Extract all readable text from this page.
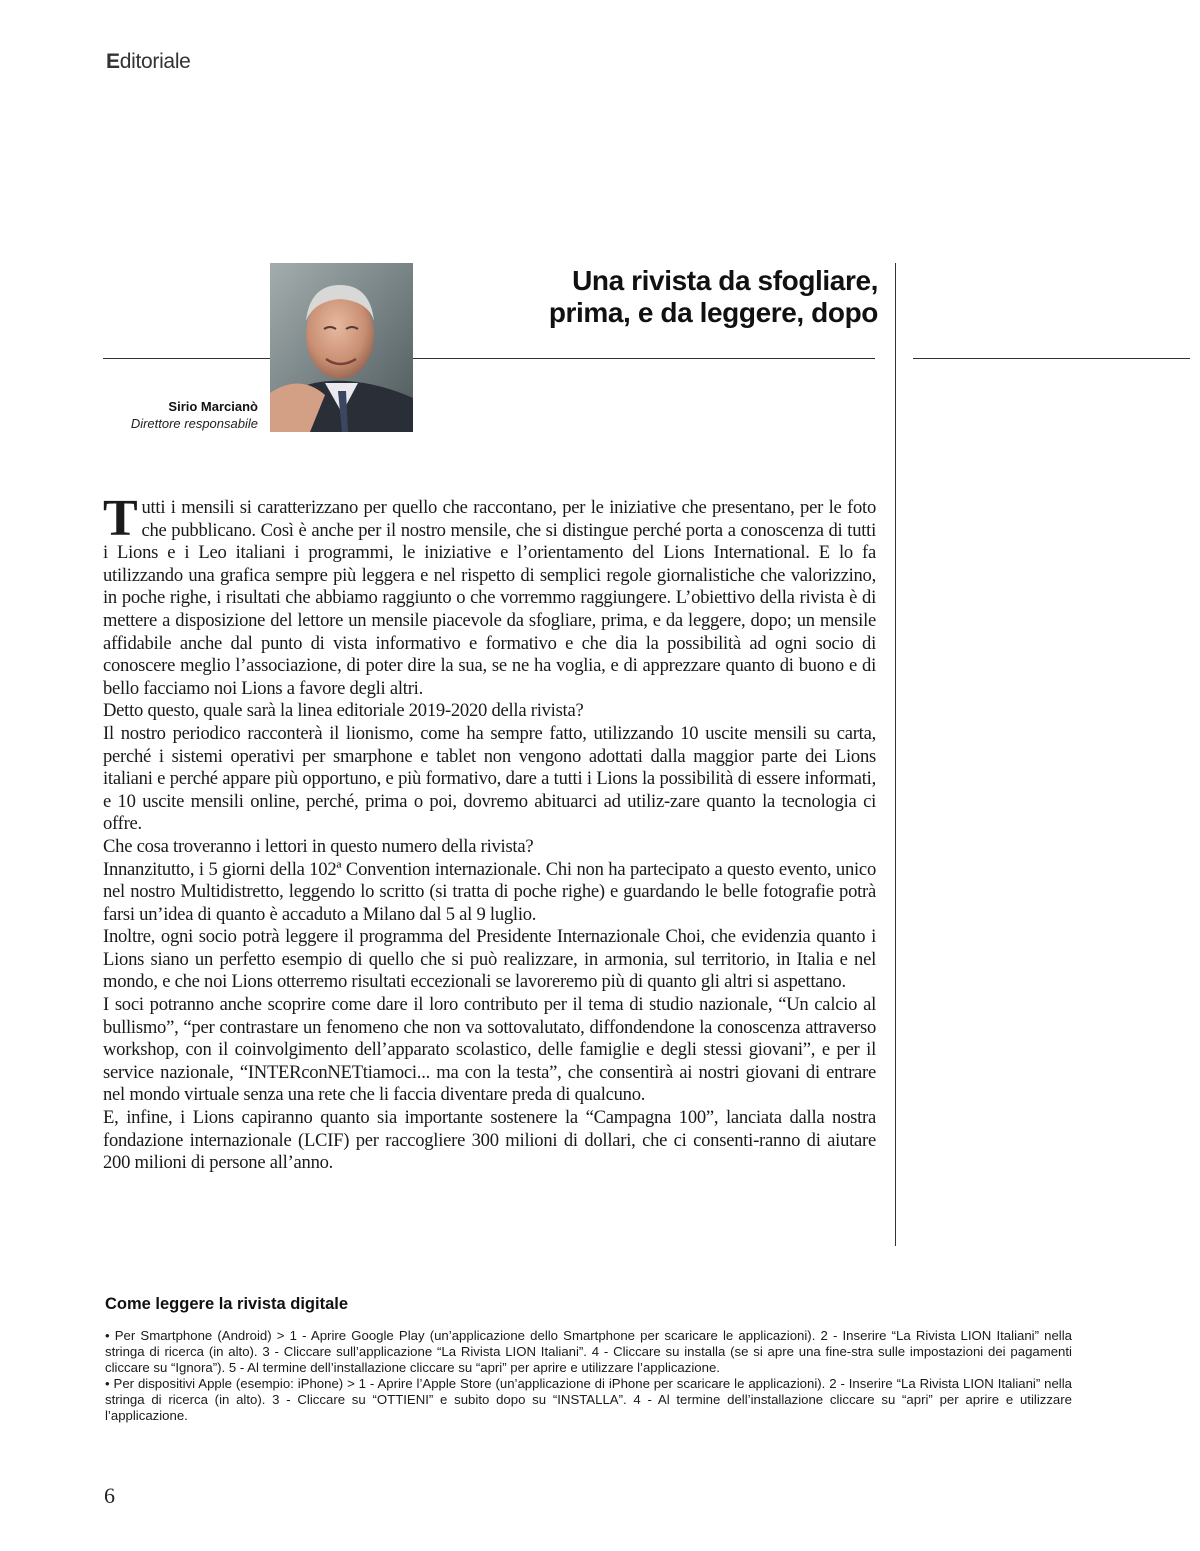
Editoriale
Sirio Marcianò
Direttore responsabile
Una rivista da sfogliare,
prima, e da leggere, dopo

Tutti i mensili si caratterizzano per quello che raccontano, per le iniziative che presentano, per le foto che pubblicano. Così è anche per il nostro mensile, che si distingue perché porta a conoscenza di tutti i Lions e i Leo italiani i programmi, le iniziative e l’orientamento del Lions International. E lo fa utilizzando una grafica sempre più leggera e nel rispetto di semplici regole giornalistiche che valorizzino, in poche righe, i risultati che abbiamo raggiunto o che vorremmo raggiungere. L’obiettivo della rivista è di mettere a disposizione del lettore un mensile piacevole da sfogliare, prima, e da leggere, dopo; un mensile affidabile anche dal punto di vista informativo e formativo e che dia la possibilità ad ogni socio di conoscere meglio l’associazione, di poter dire la sua, se ne ha voglia, e di apprezzare quanto di buono e di bello facciamo noi Lions a favore degli altri.

Detto questo, quale sarà la linea editoriale 2019-2020 della rivista?

Il nostro periodico racconterà il lionismo, come ha sempre fatto, utilizzando 10 uscite mensili su carta, perché i sistemi operativi per smarphone e tablet non vengono adottati dalla maggior parte dei Lions italiani e perché appare più opportuno, e più formativo, dare a tutti i Lions la possibilità di essere informati, e 10 uscite mensili online, perché, prima o poi, dovremo abituarci ad utiliz-zare quanto la tecnologia ci offre.

Che cosa troveranno i lettori in questo numero della rivista?

Innanzitutto, i 5 giorni della 102ª Convention internazionale. Chi non ha partecipato a questo evento, unico nel nostro Multidistretto, leggendo lo scritto (si tratta di poche righe) e guardando le belle fotografie potrà farsi un’idea di quanto è accaduto a Milano dal 5 al 9 luglio.

Inoltre, ogni socio potrà leggere il programma del Presidente Internazionale Choi, che evidenzia quanto i Lions siano un perfetto esempio di quello che si può realizzare, in armonia, sul territorio, in Italia e nel mondo, e che noi Lions otterremo risultati eccezionali se lavoreremo più di quanto gli altri si aspettano.

I soci potranno anche scoprire come dare il loro contributo per il tema di studio nazionale, “Un calcio al bullismo”, “per contrastare un fenomeno che non va sottovalutato, diffondendone la conoscenza attraverso workshop, con il coinvolgimento dell’apparato scolastico, delle famiglie e degli stessi giovani”, e per il service nazionale, “INTERconNETtiamoci... ma con la testa”, che consentirà ai nostri giovani di entrare nel mondo virtuale senza una rete che li faccia diventare preda di qualcuno.

E, infine, i Lions capiranno quanto sia importante sostenere la “Campagna 100”, lanciata dalla nostra fondazione internazionale (LCIF) per raccogliere 300 milioni di dollari, che ci consenti-ranno di aiutare 200 milioni di persone all’anno.

Come leggere la rivista digitale

• Per Smartphone (Android) > 1 - Aprire Google Play (un’applicazione dello Smartphone per scaricare le applicazioni). 2 - Inserire “La Rivista LION Italiani” nella stringa di ricerca (in alto). 3 - Cliccare sull’applicazione “La Rivista LION Italiani”. 4 - Cliccare su installa (se si apre una fine-stra sulle impostazioni dei pagamenti cliccare su “Ignora”). 5 - Al termine dell’installazione cliccare su “apri” per aprire e utilizzare l’applicazione.

• Per dispositivi Apple (esempio: iPhone) > 1 - Aprire l’Apple Store (un’applicazione di iPhone per scaricare le applicazioni). 2 - Inserire “La Rivista LION Italiani” nella stringa di ricerca (in alto). 3 - Cliccare su “OTTIENI” e subito dopo su “INSTALLA”. 4 - Al termine dell’installazione cliccare su “apri” per aprire e utilizzare l’applicazione.

6
